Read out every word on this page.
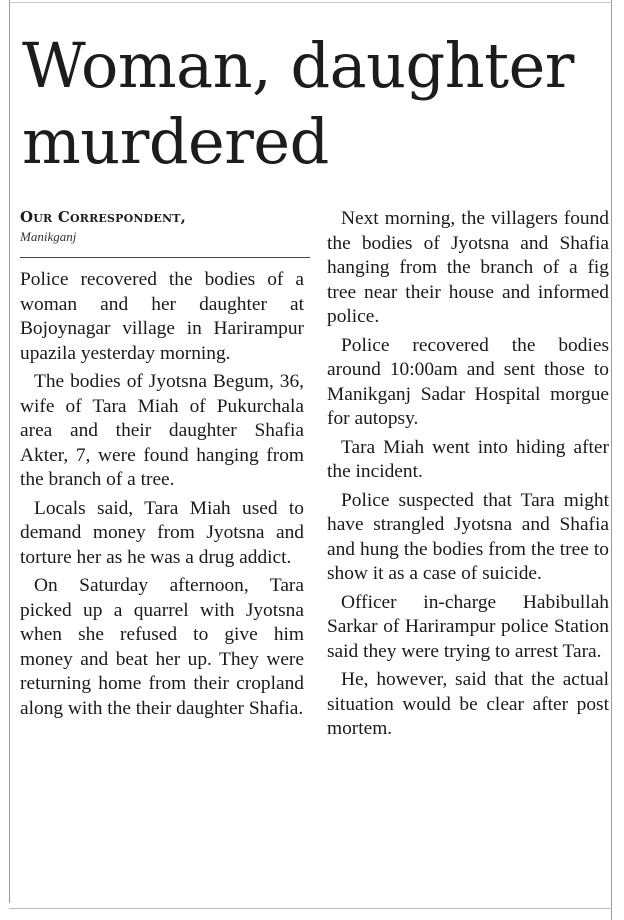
Woman, daughter murdered
Our Correspondent,
Manikganj

Police recovered the bodies of a woman and her daughter at Bojoynagar village in Harirampur upazila yesterday morning.

The bodies of Jyotsna Begum, 36, wife of Tara Miah of Pukurchala area and their daughter Shafia Akter, 7, were found hanging from the branch of a tree.

Locals said, Tara Miah used to demand money from Jyotsna and torture her as he was a drug addict.

On Saturday afternoon, Tara picked up a quarrel with Jyotsna when she refused to give him money and beat her up. They were returning home from their cropland along with the their daughter Shafia.

Next morning, the villagers found the bodies of Jyotsna and Shafia hanging from the branch of a fig tree near their house and informed police.

Police recovered the bodies around 10:00am and sent those to Manikganj Sadar Hospital morgue for autopsy.

Tara Miah went into hiding after the incident.

Police suspected that Tara might have strangled Jyotsna and Shafia and hung the bodies from the tree to show it as a case of suicide.

Officer in-charge Habibullah Sarkar of Harirampur police Station said they were trying to arrest Tara.

He, however, said that the actual situation would be clear after post mortem.
